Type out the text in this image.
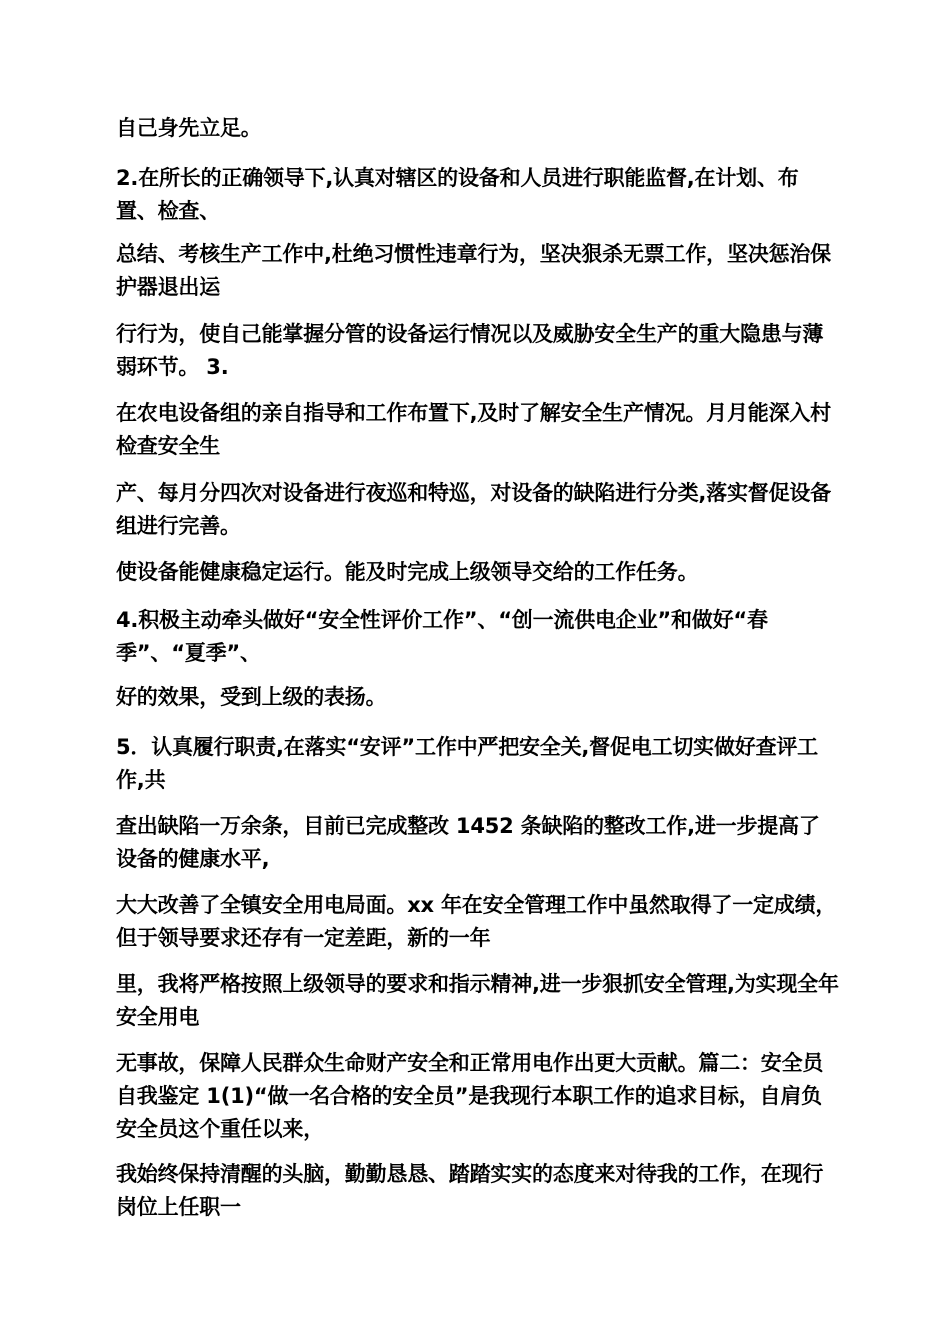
自己身先立足。

2.在所长的正确领导下,认真对辖区的设备和人员进行职能监督,在计划、布置、检查、

总结、考核生产工作中,杜绝习惯性违章行为，坚决狠杀无票工作，坚决惩治保护器退出运

行行为，使自己能掌握分管的设备运行情况以及威胁安全生产的重大隐患与薄弱环节。 3.

在农电设备组的亲自指导和工作布置下,及时了解安全生产情况。月月能深入村检查安全生

产、每月分四次对设备进行夜巡和特巡，对设备的缺陷进行分类,落实督促设备组进行完善。

使设备能健康稳定运行。能及时完成上级领导交给的工作任务。

4.积极主动牵头做好“安全性评价工作”、“创一流供电企业”和做好“春季”、“夏季”、

好的效果，受到上级的表扬。

5．认真履行职责,在落实“安评”工作中严把安全关,督促电工切实做好查评工作,共

查出缺陷一万余条，目前已完成整改 1452 条缺陷的整改工作,进一步提高了设备的健康水平,

大大改善了全镇安全用电局面。xx 年在安全管理工作中虽然取得了一定成绩，但于领导要求还存有一定差距，新的一年

里，我将严格按照上级领导的要求和指示精神,进一步狠抓安全管理,为实现全年安全用电

无事故，保障人民群众生命财产安全和正常用电作出更大贡献。篇二：安全员自我鉴定 1(1)“做一名合格的安全员”是我现行本职工作的追求目标，自肩负安全员这个重任以来，

我始终保持清醒的头脑，勤勤恳恳、踏踏实实的态度来对待我的工作，在现行岗位上任职一
